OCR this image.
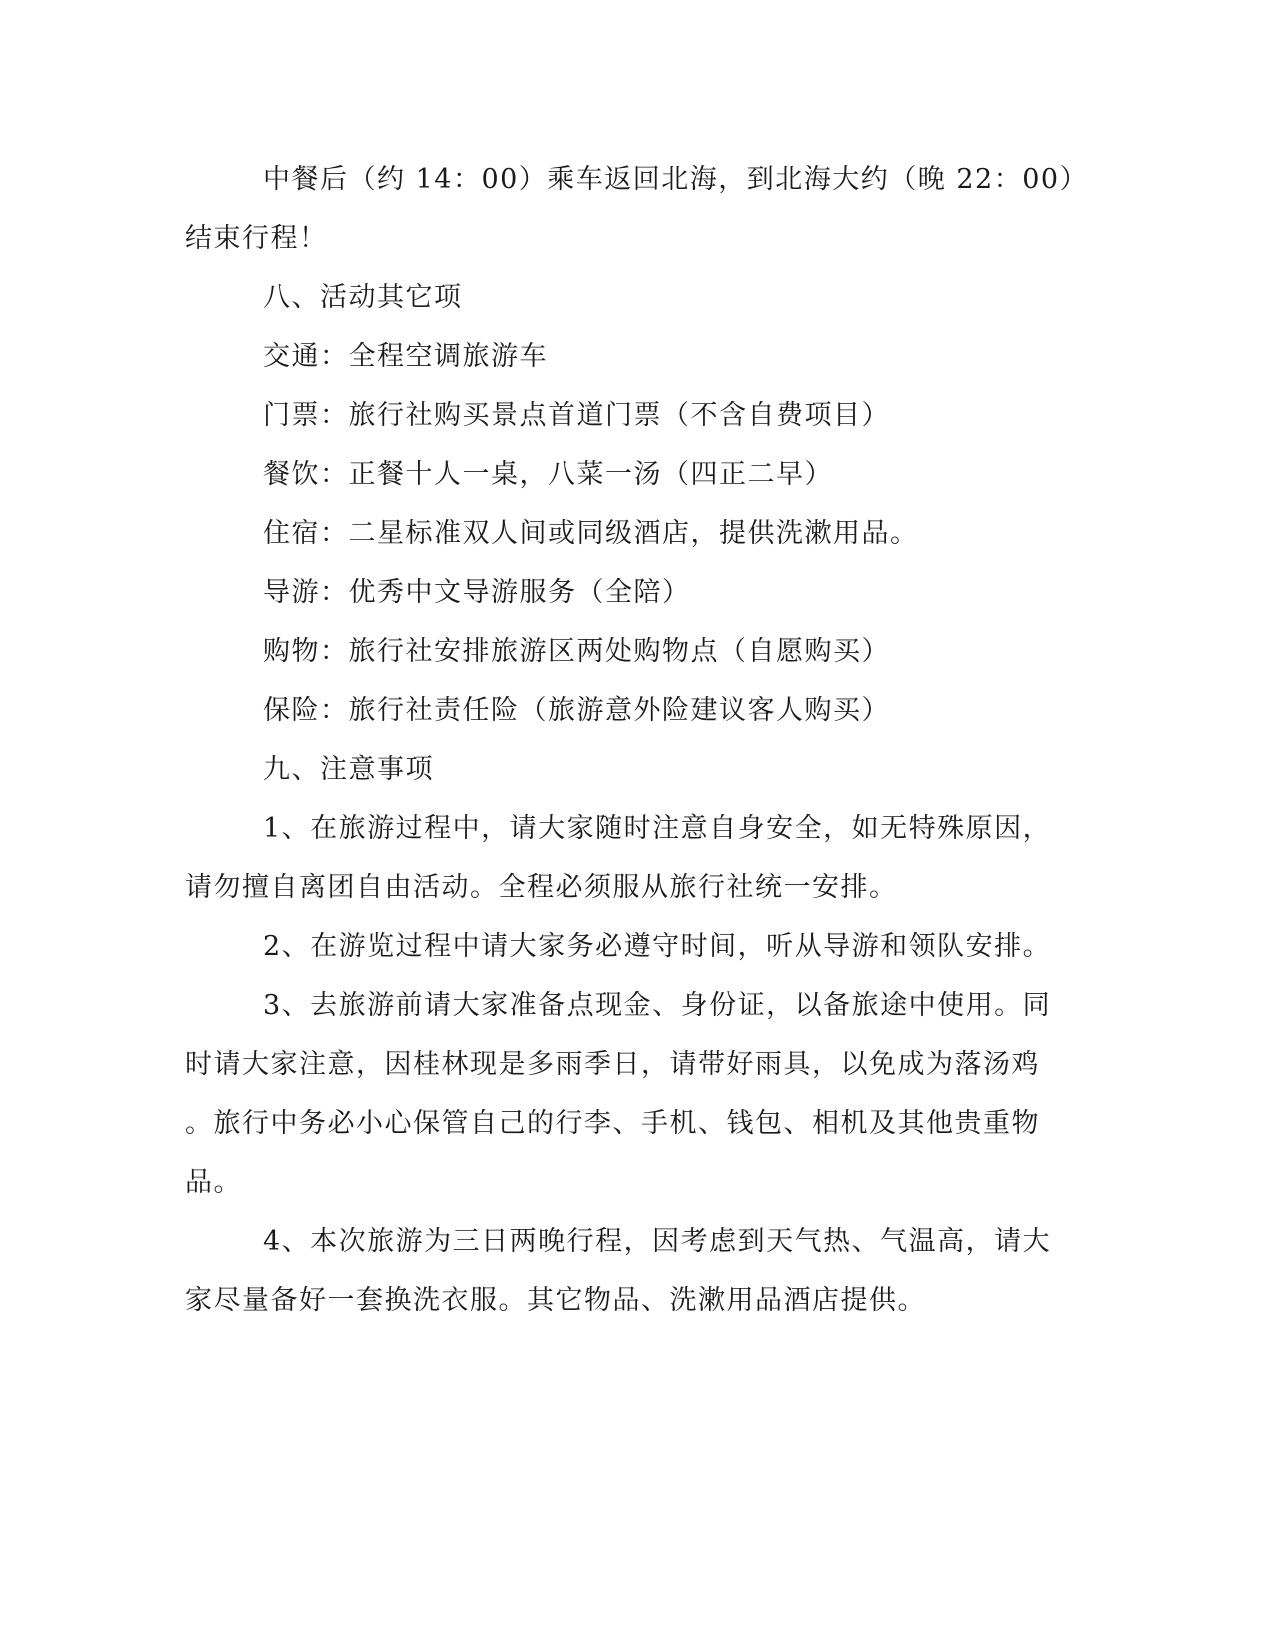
中餐后（约 14：00）乘车返回北海，到北海大约（晚 22：00）
结束行程！
八、活动其它项
交通：全程空调旅游车
门票：旅行社购买景点首道门票（不含自费项目）
餐饮：正餐十人一桌，八菜一汤（四正二早）
住宿：二星标准双人间或同级酒店，提供洗漱用品。
导游：优秀中文导游服务（全陪）
购物：旅行社安排旅游区两处购物点（自愿购买）
保险：旅行社责任险（旅游意外险建议客人购买）
九、注意事项
1、在旅游过程中，请大家随时注意自身安全，如无特殊原因，
请勿擅自离团自由活动。全程必须服从旅行社统一安排。
2、在游览过程中请大家务必遵守时间，听从导游和领队安排。
3、去旅游前请大家准备点现金、身份证，以备旅途中使用。同
时请大家注意，因桂林现是多雨季日，请带好雨具，以免成为落汤鸡
。旅行中务必小心保管自己的行李、手机、钱包、相机及其他贵重物
品。
4、本次旅游为三日两晚行程，因考虑到天气热、气温高，请大
家尽量备好一套换洗衣服。其它物品、洗漱用品酒店提供。
